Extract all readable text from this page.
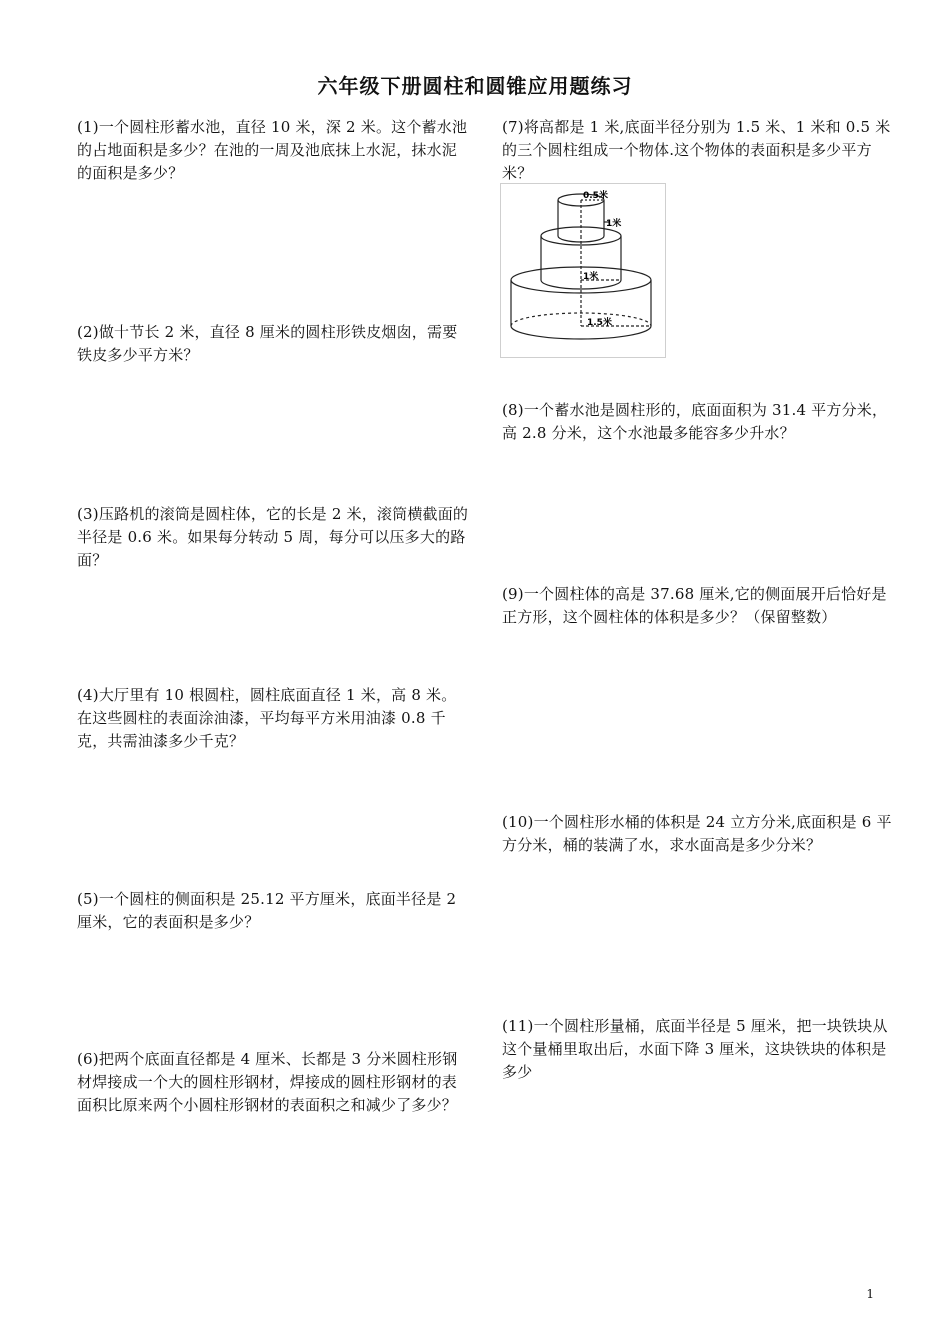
六年级下册圆柱和圆锥应用题练习
(1)一个圆柱形蓄水池，直径 10 米，深 2 米。这个蓄水池的占地面积是多少？在池的一周及池底抹上水泥，抹水泥的面积是多少？
(2)做十节长 2 米，直径 8 厘米的圆柱形铁皮烟囱，需要铁皮多少平方米？
(3)压路机的滚筒是圆柱体，它的长是 2 米，滚筒横截面的半径是 0.6 米。如果每分转动 5 周，每分可以压多大的路面？
(4)大厅里有 10 根圆柱，圆柱底面直径 1 米，高 8 米。在这些圆柱的表面涂油漆，平均每平方米用油漆 0.8 千克，共需油漆多少千克？
(5)一个圆柱的侧面积是 25.12 平方厘米，底面半径是 2 厘米，它的表面积是多少？
(6)把两个底面直径都是 4 厘米、长都是 3 分米圆柱形钢材焊接成一个大的圆柱形钢材，焊接成的圆柱形钢材的表面积比原来两个小圆柱形钢材的表面积之和减少了多少？
(7)将高都是 1 米,底面半径分别为 1.5 米、1 米和 0.5 米的三个圆柱组成一个物体.这个物体的表面积是多少平方米？
0.5米
1米
1米
1.5米
(8)一个蓄水池是圆柱形的，底面面积为 31.4 平方分米，高 2.8 分米，这个水池最多能容多少升水？
(9)一个圆柱体的高是 37.68 厘米,它的侧面展开后恰好是正方形，这个圆柱体的体积是多少？（保留整数）
(10)一个圆柱形水桶的体积是 24 立方分米,底面积是 6 平方分米，桶的装满了水，求水面高是多少分米？
(11)一个圆柱形量桶，底面半径是 5 厘米，把一块铁块从这个量桶里取出后，水面下降 3 厘米，这块铁块的体积是多少
1
